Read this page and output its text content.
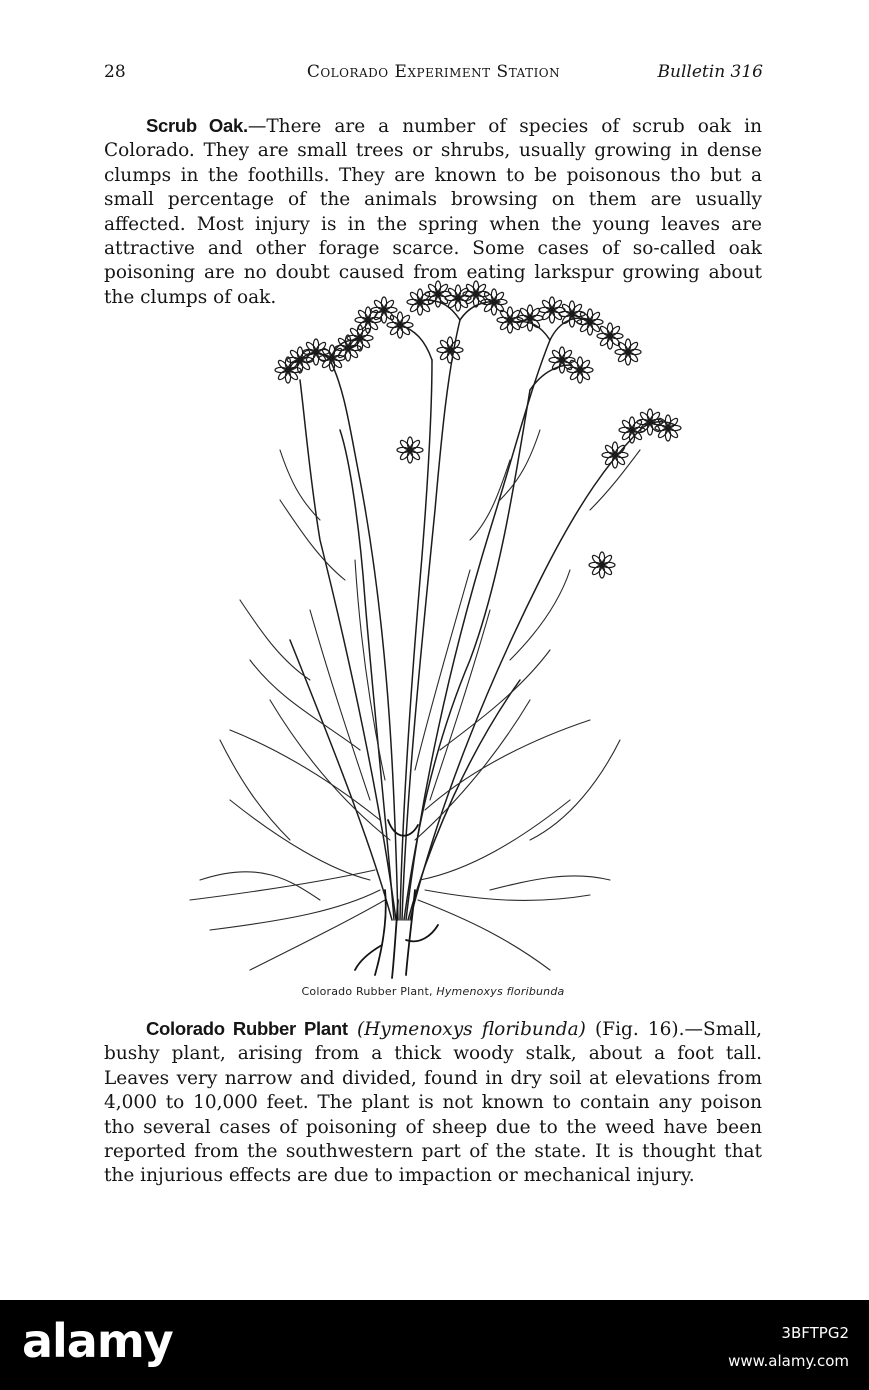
28	Colorado Experiment Station	Bulletin 316

Scrub Oak.—There are a number of species of scrub oak in Colorado. They are small trees or shrubs, usually growing in dense clumps in the foothills. They are known to be poisonous tho but a small percentage of the animals browsing on them are usually affected. Most injury is in the spring when the young leaves are attractive and other forage scarce. Some cases of so-called oak poisoning are no doubt caused from eating larkspur growing about the clumps of oak.

Colorado Rubber Plant, Hymenoxys floribunda

Colorado Rubber Plant (Hymenoxys floribunda) (Fig. 16).—Small, bushy plant, arising from a thick woody stalk, about a foot tall. Leaves very narrow and divided, found in dry soil at elevations from 4,000 to 10,000 feet. The plant is not known to contain any poison tho several cases of poisoning of sheep due to the weed have been reported from the southwestern part of the state. It is thought that the injurious effects are due to impaction or mechanical injury.

alamy	3BFTPG2
www.alamy.com
